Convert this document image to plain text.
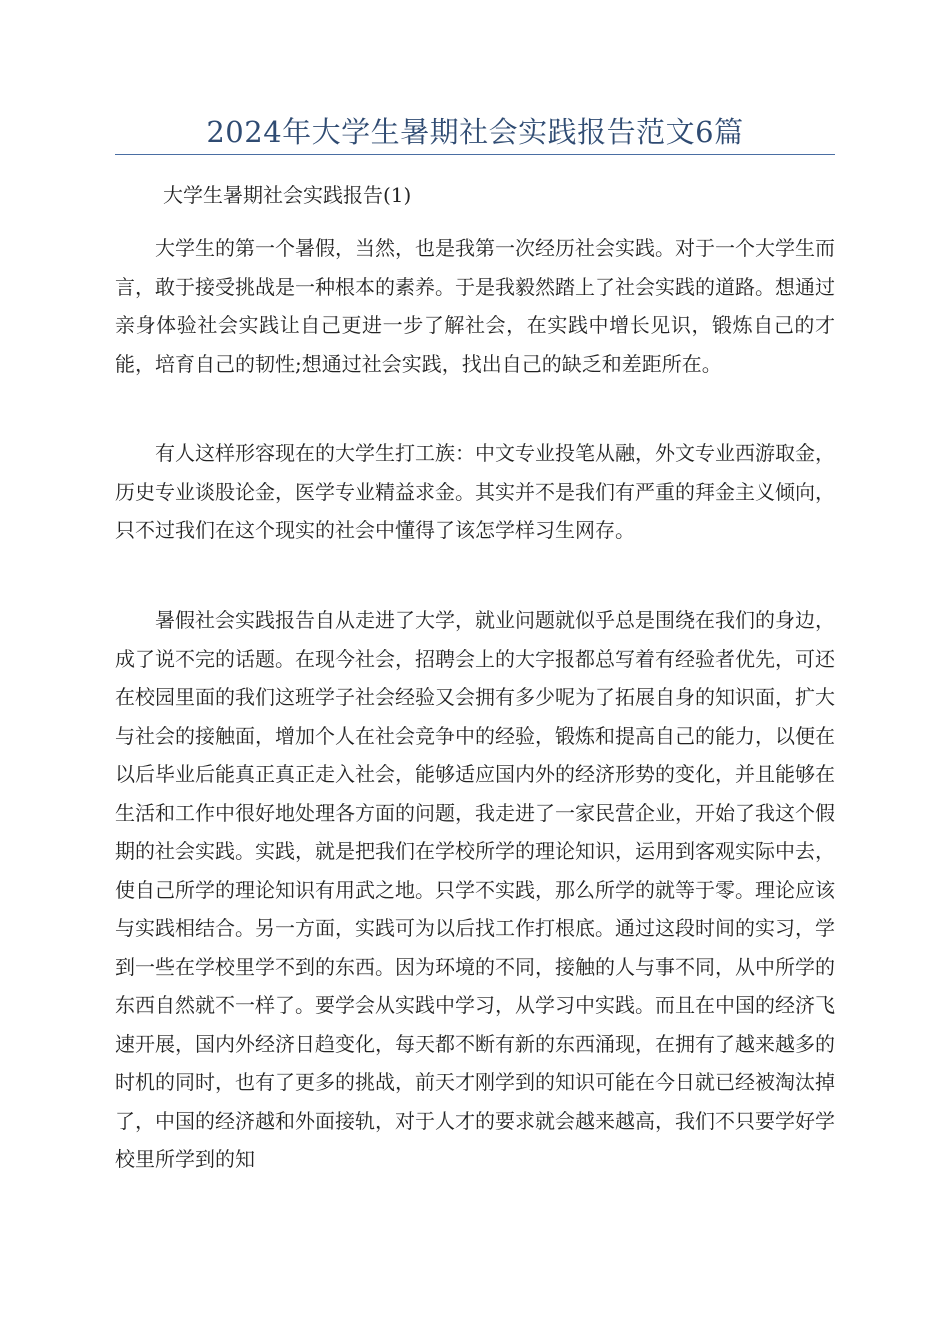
2024年大学生暑期社会实践报告范文6篇
大学生暑期社会实践报告(1)

大学生的第一个暑假，当然，也是我第一次经历社会实践。对于一个大学生而言，敢于接受挑战是一种根本的素养。于是我毅然踏上了社会实践的道路。想通过亲身体验社会实践让自己更进一步了解社会，在实践中增长见识，锻炼自己的才能，培育自己的韧性;想通过社会实践，找出自己的缺乏和差距所在。

有人这样形容现在的大学生打工族：中文专业投笔从融，外文专业西游取金，历史专业谈股论金，医学专业精益求金。其实并不是我们有严重的拜金主义倾向，只不过我们在这个现实的社会中懂得了该怎学样习生网存。

暑假社会实践报告自从走进了大学，就业问题就似乎总是围绕在我们的身边，成了说不完的话题。在现今社会，招聘会上的大字报都总写着有经验者优先，可还在校园里面的我们这班学子社会经验又会拥有多少呢为了拓展自身的知识面，扩大与社会的接触面，增加个人在社会竞争中的经验，锻炼和提高自己的能力，以便在以后毕业后能真正真正走入社会，能够适应国内外的经济形势的变化，并且能够在生活和工作中很好地处理各方面的问题，我走进了一家民营企业，开始了我这个假期的社会实践。实践，就是把我们在学校所学的理论知识，运用到客观实际中去，使自己所学的理论知识有用武之地。只学不实践，那么所学的就等于零。理论应该与实践相结合。另一方面，实践可为以后找工作打根底。通过这段时间的实习，学到一些在学校里学不到的东西。因为环境的不同，接触的人与事不同，从中所学的东西自然就不一样了。要学会从实践中学习，从学习中实践。而且在中国的经济飞速开展，国内外经济日趋变化，每天都不断有新的东西涌现，在拥有了越来越多的时机的同时，也有了更多的挑战，前天才刚学到的知识可能在今日就已经被淘汰掉了，中国的经济越和外面接轨，对于人才的要求就会越来越高，我们不只要学好学校里所学到的知
